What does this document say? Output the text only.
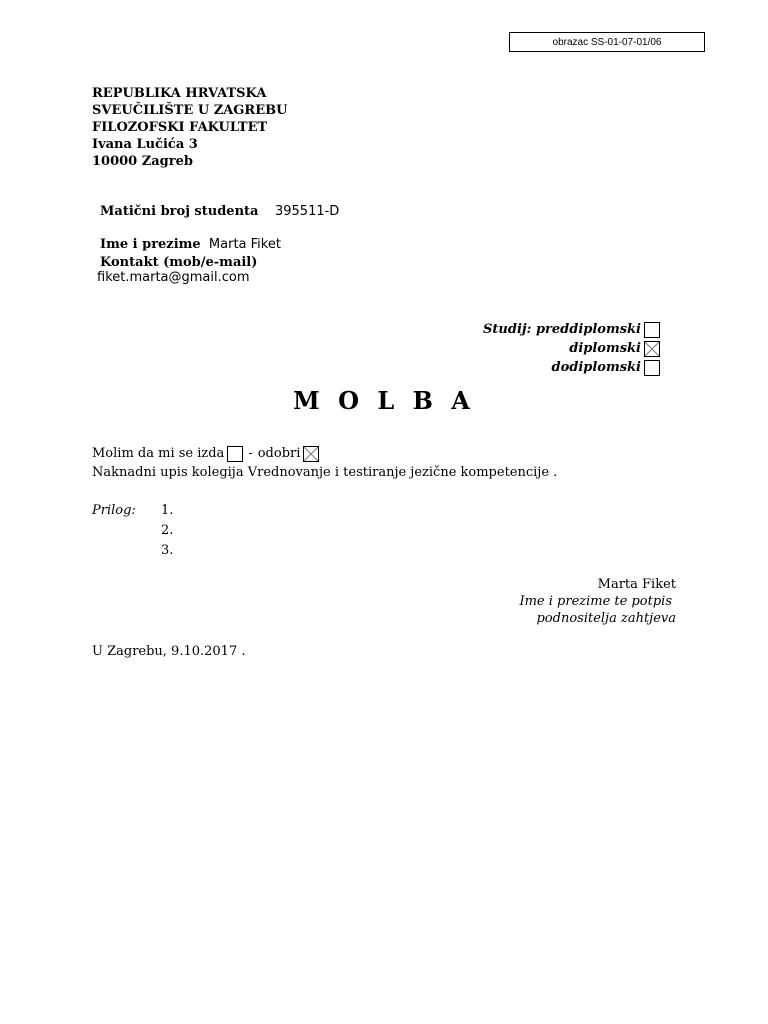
obrazac SS-01-07-01/06
REPUBLIKA HRVATSKA
SVEUČILIŠTE U ZAGREBU
FILOZOFSKI FAKULTET
Ivana Lučića 3
10000 Zagreb
Matični broj studenta 395511-D
Ime i prezime Marta Fiket
Kontakt (mob/e-mail)
fiket.marta@gmail.com
Studij:
preddiplomski
diplomski
dodiplomski
M O L B A
Molim da mi se izda - odobri
Naknadni upis kolegija Vrednovanje i testiranje jezične kompetencije .
Prilog: 1.
2.
3.
Marta Fiket
Ime i prezime te potpis
podnositelja zahtjeva
U Zagrebu, 9.10.2017 .
